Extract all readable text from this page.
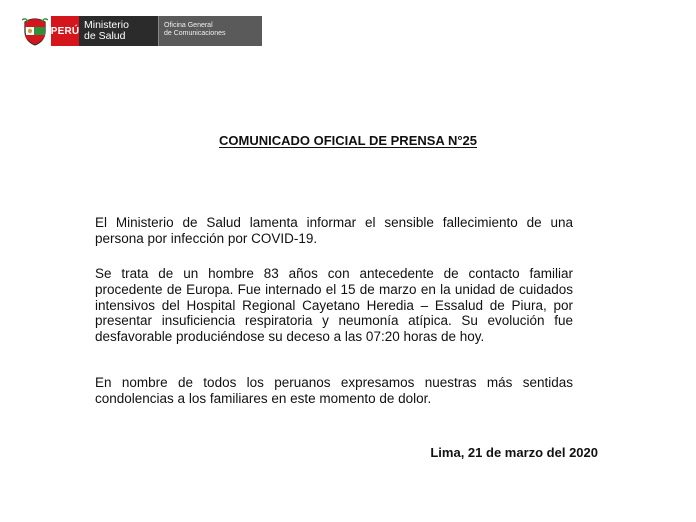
PERÚ Ministerio
de Salud
Oficina General
de Comunicaciones
COMUNICADO OFICIAL DE PRENSA N°25

El Ministerio de Salud lamenta informar el sensible fallecimiento de una persona por infección por COVID-19.

Se trata de un hombre 83 años con antecedente de contacto familiar procedente de Europa. Fue internado el 15 de marzo en la unidad de cuidados intensivos del Hospital Regional Cayetano Heredia – Essalud de Piura, por presentar insuficiencia respiratoria y neumonía atípica. Su evolución fue desfavorable produciéndose su deceso a las 07:20 horas de hoy.

En nombre de todos los peruanos expresamos nuestras más sentidas condolencias a los familiares en este momento de dolor.

Lima, 21 de marzo del 2020
